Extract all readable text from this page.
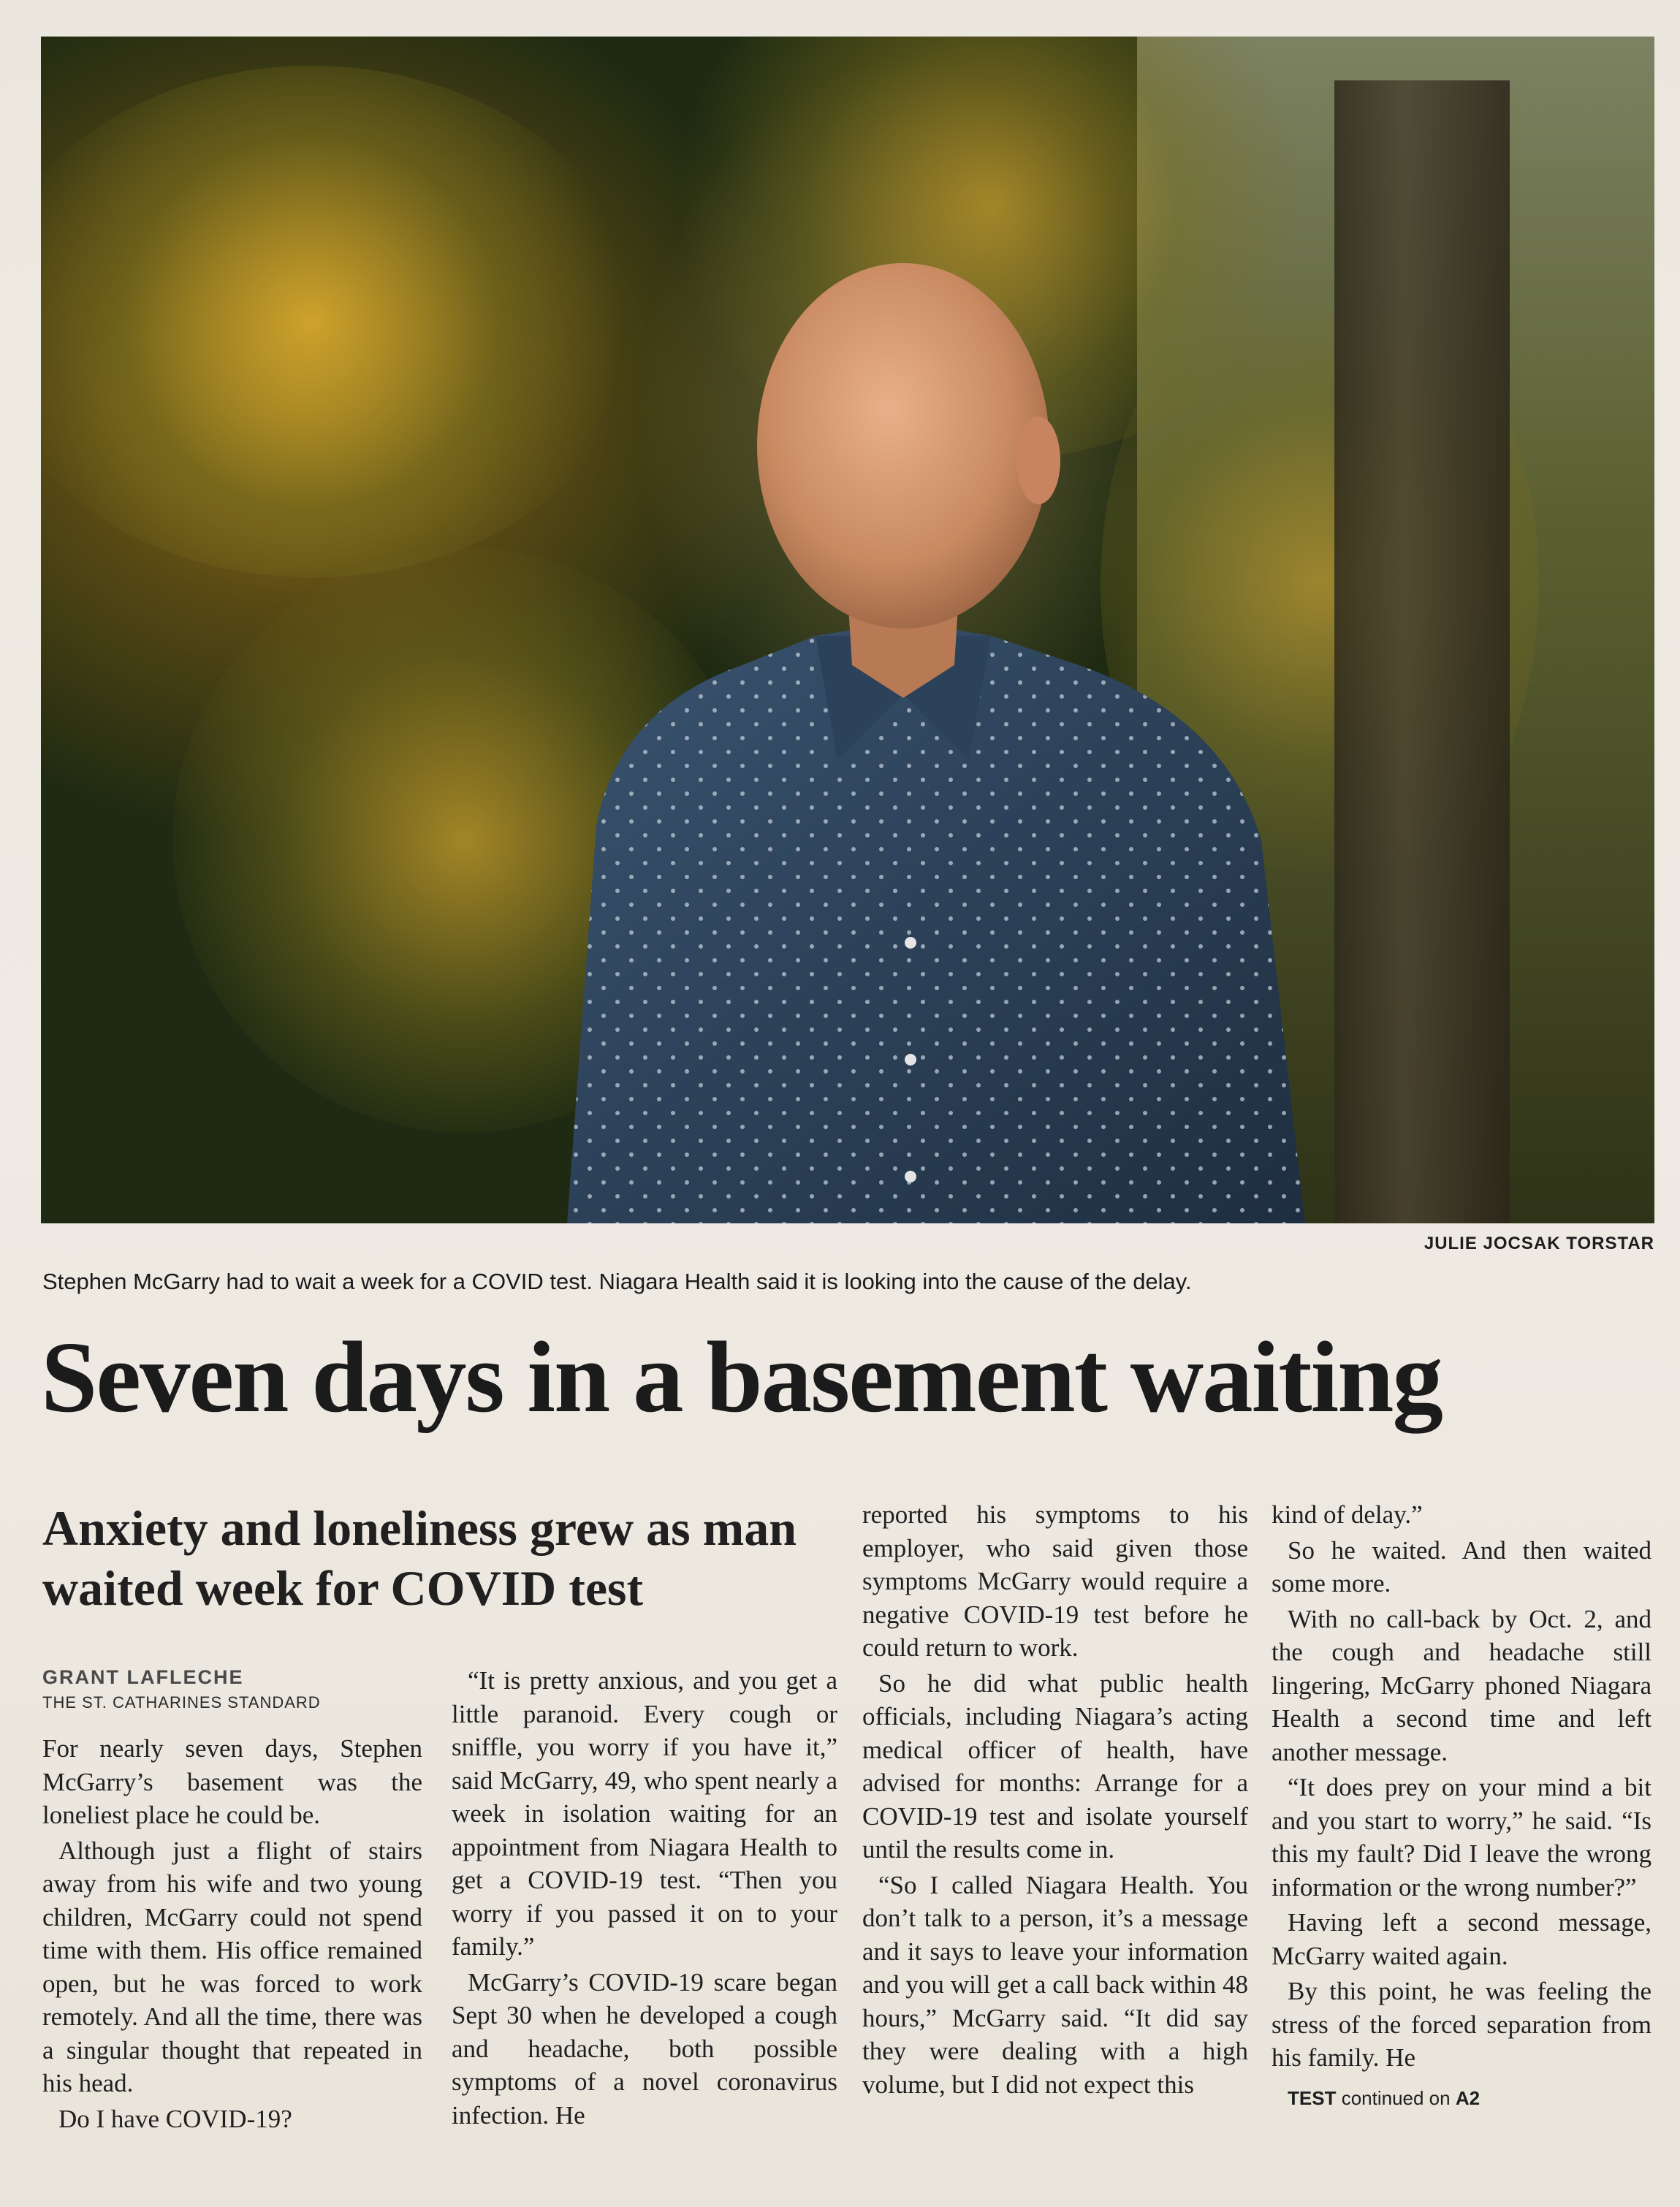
JULIE JOCSAK TORSTAR
Stephen McGarry had to wait a week for a COVID test. Niagara Health said it is looking into the cause of the delay.
Seven days in a basement waiting
Anxiety and loneliness grew as man waited week for COVID test
GRANT LAFLECHE
THE ST. CATHARINES STANDARD

For nearly seven days, Stephen McGarry’s basement was the loneliest place he could be.

Although just a flight of stairs away from his wife and two young children, McGarry could not spend time with them. His office remained open, but he was forced to work remotely. And all the time, there was a singular thought that repeated in his head.

Do I have COVID-19?

“It is pretty anxious, and you get a little paranoid. Every cough or sniffle, you worry if you have it,” said McGarry, 49, who spent nearly a week in isolation waiting for an appointment from Niagara Health to get a COVID-19 test. “Then you worry if you passed it on to your family.”

McGarry’s COVID-19 scare began Sept 30 when he developed a cough and headache, both possible symptoms of a novel coronavirus infection. He

reported his symptoms to his employer, who said given those symptoms McGarry would require a negative COVID-19 test before he could return to work.

So he did what public health officials, including Niagara’s acting medical officer of health, have advised for months: Arrange for a COVID-19 test and isolate yourself until the results come in.

“So I called Niagara Health. You don’t talk to a person, it’s a message and it says to leave your information and you will get a call back within 48 hours,” McGarry said. “It did say they were dealing with a high volume, but I did not expect this

kind of delay.”

So he waited. And then waited some more.

With no call-back by Oct. 2, and the cough and headache still lingering, McGarry phoned Niagara Health a second time and left another message.

“It does prey on your mind a bit and you start to worry,” he said. “Is this my fault? Did I leave the wrong information or the wrong number?”

Having left a second message, McGarry waited again.

By this point, he was feeling the stress of the forced separation from his family. He

TEST continued on A2
